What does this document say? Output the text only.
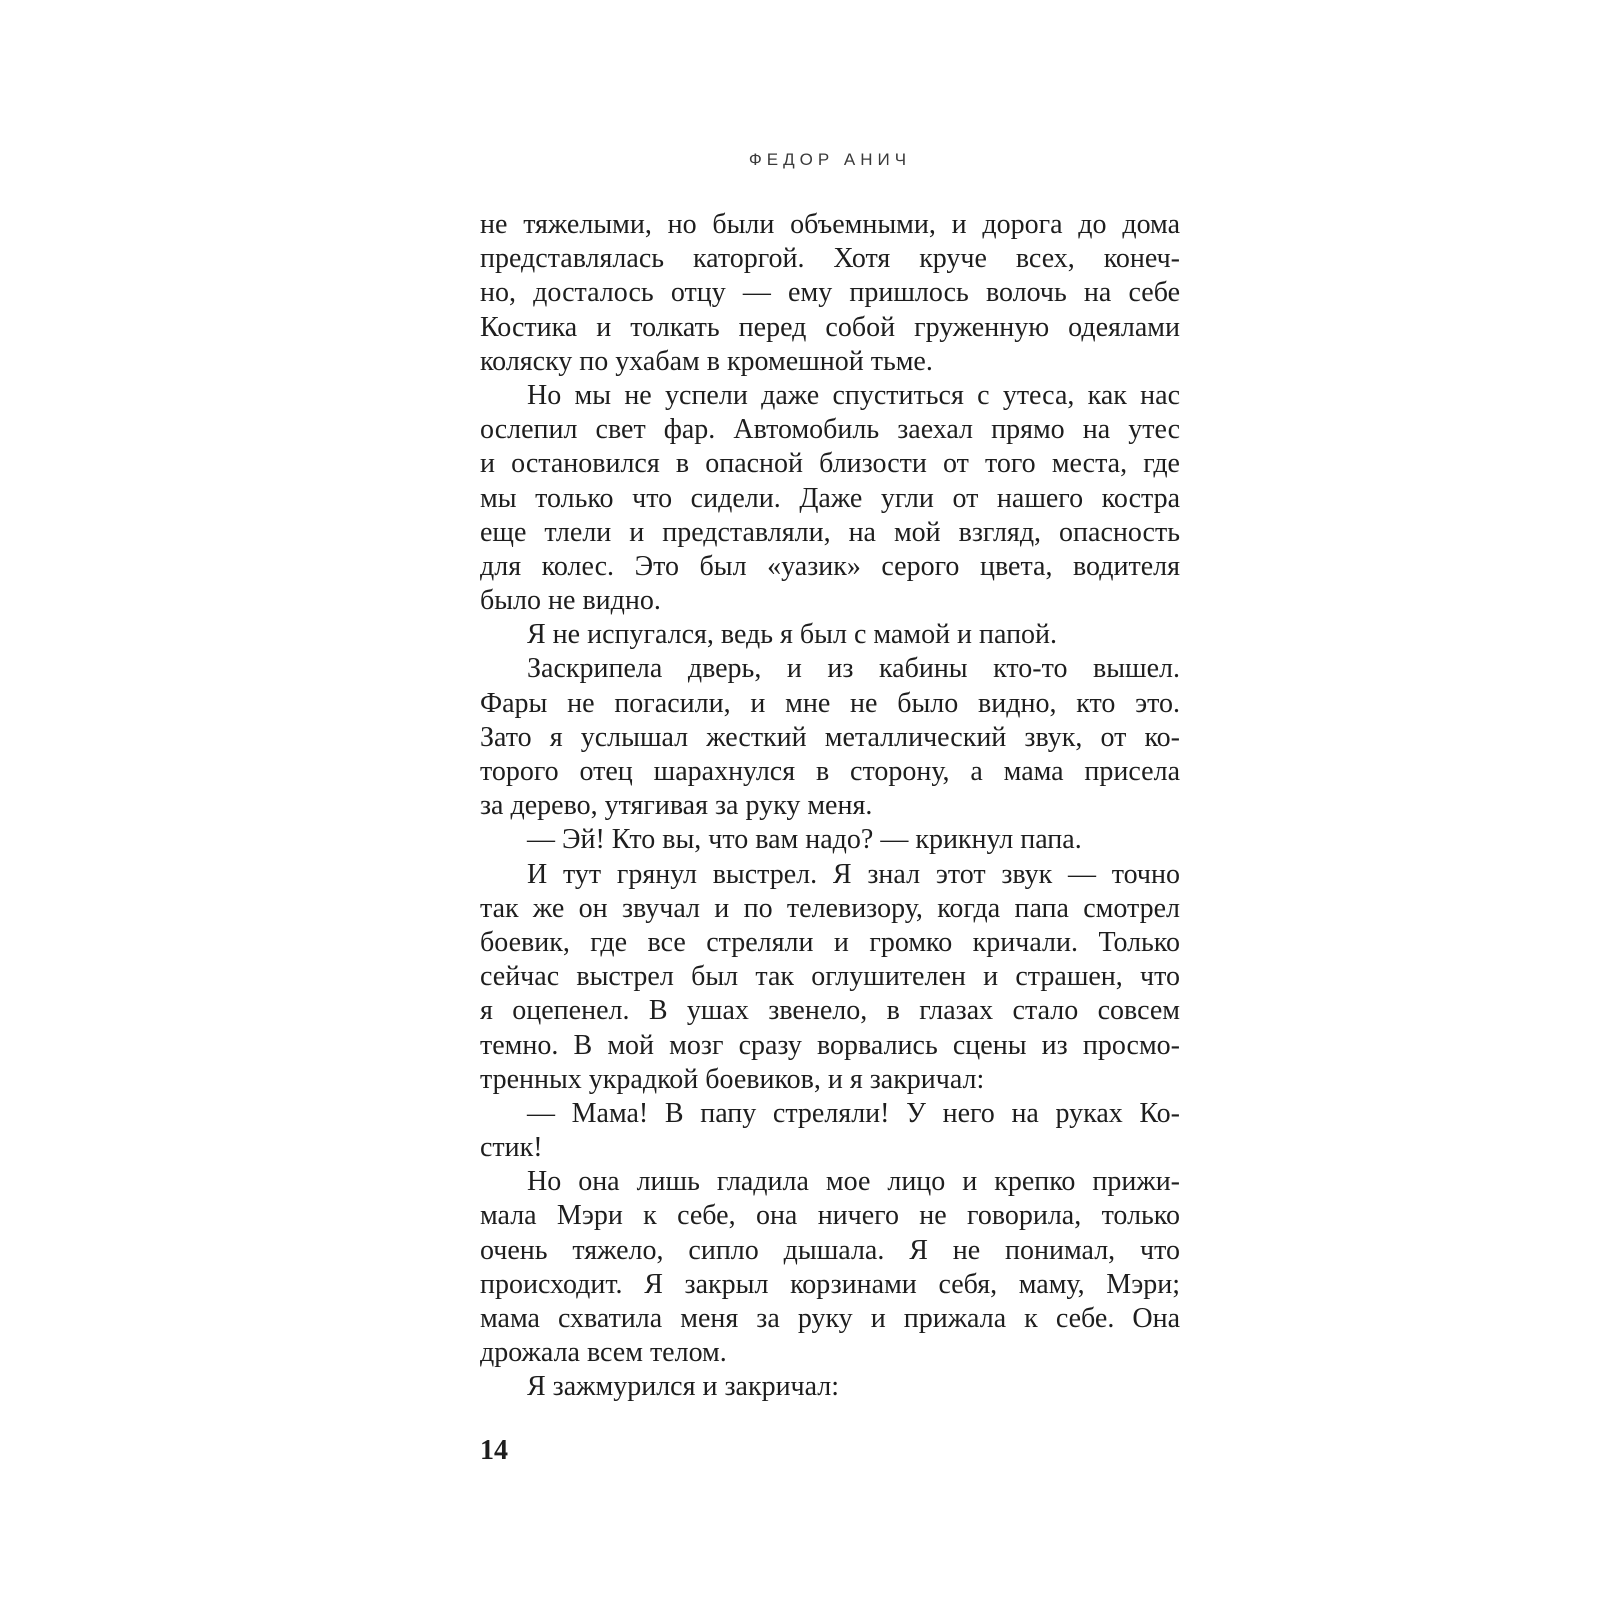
ФЕДОР АНИЧ
не тяжелыми, но были объемными, и дорога до дома
представлялась каторгой. Хотя круче всех, конеч-
но, досталось отцу — ему пришлось волочь на себе
Костика и толкать перед собой груженную одеялами
коляску по ухабам в кромешной тьме.
Но мы не успели даже спуститься с утеса, как нас
ослепил свет фар. Автомобиль заехал прямо на утес
и остановился в опасной близости от того места, где
мы только что сидели. Даже угли от нашего костра
еще тлели и представляли, на мой взгляд, опасность
для колес. Это был «уазик» серого цвета, водителя
было не видно.
Я не испугался, ведь я был с мамой и папой.
Заскрипела дверь, и из кабины кто-то вышел.
Фары не погасили, и мне не было видно, кто это.
Зато я услышал жесткий металлический звук, от ко-
торого отец шарахнулся в сторону, а мама присела
за дерево, утягивая за руку меня.
— Эй! Кто вы, что вам надо? — крикнул папа.
И тут грянул выстрел. Я знал этот звук — точно
так же он звучал и по телевизору, когда папа смотрел
боевик, где все стреляли и громко кричали. Только
сейчас выстрел был так оглушителен и страшен, что
я оцепенел. В ушах звенело, в глазах стало совсем
темно. В мой мозг сразу ворвались сцены из просмо-
тренных украдкой боевиков, и я закричал:
— Мама! В папу стреляли! У него на руках Ко-
стик!
Но она лишь гладила мое лицо и крепко прижи-
мала Мэри к себе, она ничего не говорила, только
очень тяжело, сипло дышала. Я не понимал, что
происходит. Я закрыл корзинами себя, маму, Мэри;
мама схватила меня за руку и прижала к себе. Она
дрожала всем телом.
Я зажмурился и закричал:
14
